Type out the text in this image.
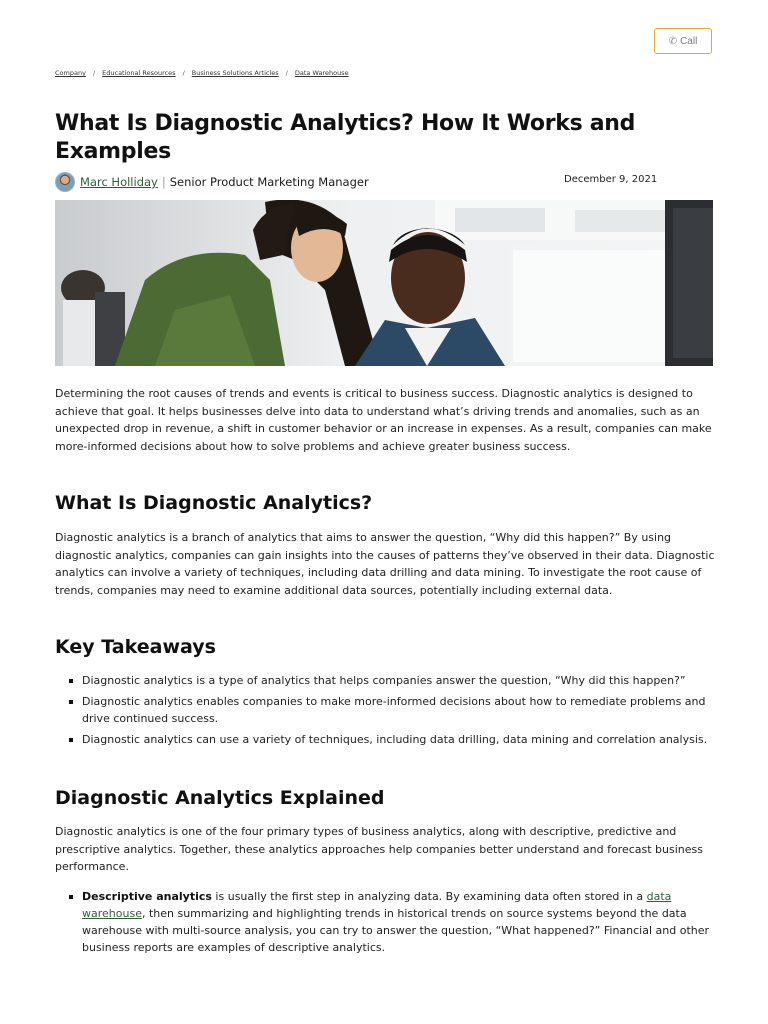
✆ Call
Company / Educational Resources / Business Solutions Articles / Data Warehouse
What Is Diagnostic Analytics? How It Works and Examples
Marc Holliday | Senior Product Marketing Manager	December 9, 2021

Determining the root causes of trends and events is critical to business success. Diagnostic analytics is designed to achieve that goal. It helps businesses delve into data to understand what’s driving trends and anomalies, such as an unexpected drop in revenue, a shift in customer behavior or an increase in expenses. As a result, companies can make more-informed decisions about how to solve problems and achieve greater business success.

What Is Diagnostic Analytics?

Diagnostic analytics is a branch of analytics that aims to answer the question, “Why did this happen?” By using diagnostic analytics, companies can gain insights into the causes of patterns they’ve observed in their data. Diagnostic analytics can involve a variety of techniques, including data drilling and data mining. To investigate the root cause of trends, companies may need to examine additional data sources, potentially including external data.

Key Takeaways
Diagnostic analytics is a type of analytics that helps companies answer the question, “Why did this happen?”
Diagnostic analytics enables companies to make more-informed decisions about how to remediate problems and drive continued success.
Diagnostic analytics can use a variety of techniques, including data drilling, data mining and correlation analysis.
Diagnostic Analytics Explained

Diagnostic analytics is one of the four primary types of business analytics, along with descriptive, predictive and prescriptive analytics. Together, these analytics approaches help companies better understand and forecast business performance.

Descriptive analytics is usually the first step in analyzing data. By examining data often stored in a data warehouse, then summarizing and highlighting trends in historical trends on source systems beyond the data warehouse with multi-source analysis, you can try to answer the question, “What happened?” Financial and other business reports are examples of descriptive analytics.
